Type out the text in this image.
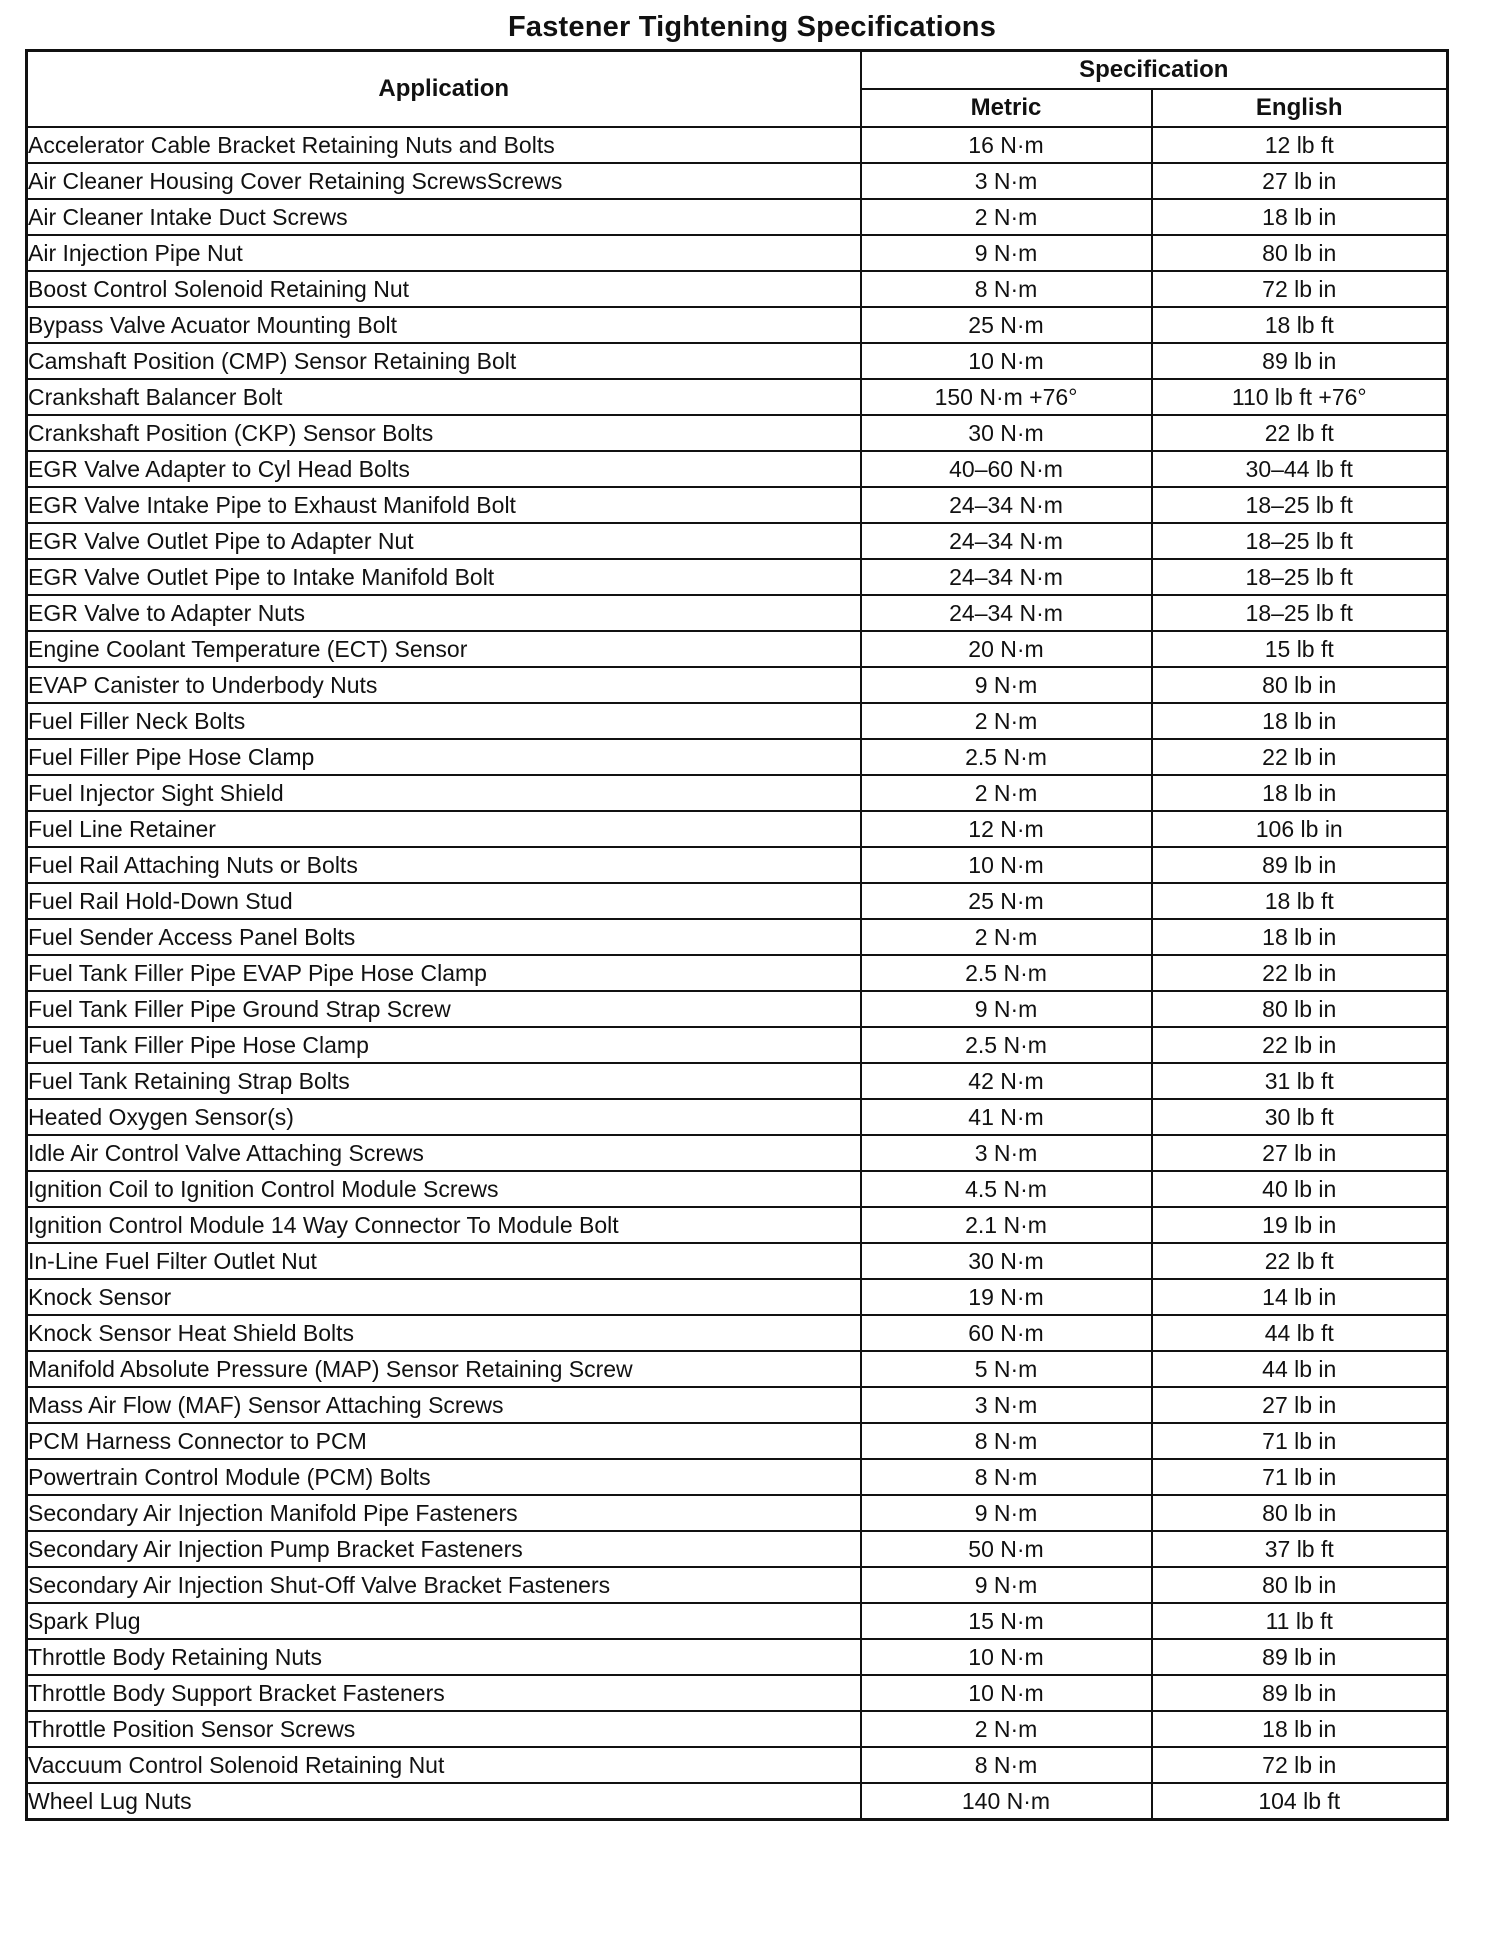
Fastener Tightening Specifications
Application	Specification	
	Metric	English
Accelerator Cable Bracket Retaining Nuts and Bolts	16 N·m	12 lb ft
Air Cleaner Housing Cover Retaining ScrewsScrews	3 N·m	27 lb in
Air Cleaner Intake Duct Screws	2 N·m	18 lb in
Air Injection Pipe Nut	9 N·m	80 lb in
Boost Control Solenoid Retaining Nut	8 N·m	72 lb in
Bypass Valve Acuator Mounting Bolt	25 N·m	18 lb ft
Camshaft Position (CMP) Sensor Retaining Bolt	10 N·m	89 lb in
Crankshaft Balancer Bolt	150 N·m +76°	110 lb ft +76°
Crankshaft Position (CKP) Sensor Bolts	30 N·m	22 lb ft
EGR Valve Adapter to Cyl Head Bolts	40–60 N·m	30–44 lb ft
EGR Valve Intake Pipe to Exhaust Manifold Bolt	24–34 N·m	18–25 lb ft
EGR Valve Outlet Pipe to Adapter Nut	24–34 N·m	18–25 lb ft
EGR Valve Outlet Pipe to Intake Manifold Bolt	24–34 N·m	18–25 lb ft
EGR Valve to Adapter Nuts	24–34 N·m	18–25 lb ft
Engine Coolant Temperature (ECT) Sensor	20 N·m	15 lb ft
EVAP Canister to Underbody Nuts	9 N·m	80 lb in
Fuel Filler Neck Bolts	2 N·m	18 lb in
Fuel Filler Pipe Hose Clamp	2.5 N·m	22 lb in
Fuel Injector Sight Shield	2 N·m	18 lb in
Fuel Line Retainer	12 N·m	106 lb in
Fuel Rail Attaching Nuts or Bolts	10 N·m	89 lb in
Fuel Rail Hold-Down Stud	25 N·m	18 lb ft
Fuel Sender Access Panel Bolts	2 N·m	18 lb in
Fuel Tank Filler Pipe EVAP Pipe Hose Clamp	2.5 N·m	22 lb in
Fuel Tank Filler Pipe Ground Strap Screw	9 N·m	80 lb in
Fuel Tank Filler Pipe Hose Clamp	2.5 N·m	22 lb in
Fuel Tank Retaining Strap Bolts	42 N·m	31 lb ft
Heated Oxygen Sensor(s)	41 N·m	30 lb ft
Idle Air Control Valve Attaching Screws	3 N·m	27 lb in
Ignition Coil to Ignition Control Module Screws	4.5 N·m	40 lb in
Ignition Control Module 14 Way Connector To Module Bolt	2.1 N·m	19 lb in
In-Line Fuel Filter Outlet Nut	30 N·m	22 lb ft
Knock Sensor	19 N·m	14 lb in
Knock Sensor Heat Shield Bolts	60 N·m	44 lb ft
Manifold Absolute Pressure (MAP) Sensor Retaining Screw	5 N·m	44 lb in
Mass Air Flow (MAF) Sensor Attaching Screws	3 N·m	27 lb in
PCM Harness Connector to PCM	8 N·m	71 lb in
Powertrain Control Module (PCM) Bolts	8 N·m	71 lb in
Secondary Air Injection Manifold Pipe Fasteners	9 N·m	80 lb in
Secondary Air Injection Pump Bracket Fasteners	50 N·m	37 lb ft
Secondary Air Injection Shut-Off Valve Bracket Fasteners	9 N·m	80 lb in
Spark Plug	15 N·m	11 lb ft
Throttle Body Retaining Nuts	10 N·m	89 lb in
Throttle Body Support Bracket Fasteners	10 N·m	89 lb in
Throttle Position Sensor Screws	2 N·m	18 lb in
Vaccuum Control Solenoid Retaining Nut	8 N·m	72 lb in
Wheel Lug Nuts	140 N·m	104 lb ft
